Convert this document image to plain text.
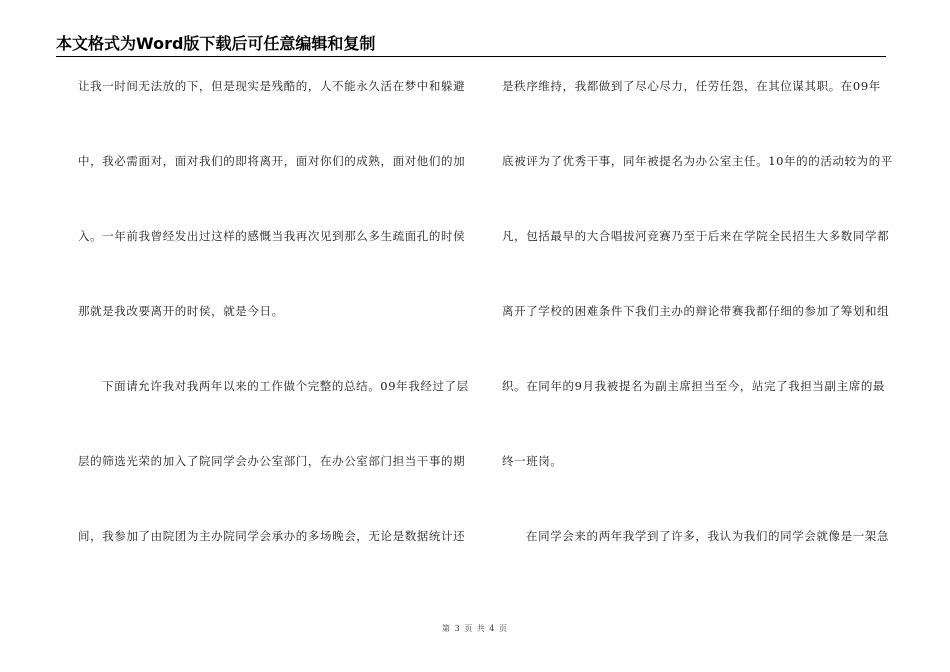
本文格式为Word版下载后可任意编辑和复制
让我一时间无法放的下，但是现实是残酷的，人不能永久活在梦中和躲避
中，我必需面对，面对我们的即将离开，面对你们的成熟，面对他们的加
入。一年前我曾经发出过这样的感慨当我再次见到那么多生疏面孔的时侯
那就是我改要离开的时侯，就是今日。
下面请允许我对我两年以来的工作做个完整的总结。09年我经过了层
层的筛选光荣的加入了院同学会办公室部门，在办公室部门担当干事的期
间，我参加了由院团为主办院同学会承办的多场晚会，无论是数据统计还
是秩序维持，我都做到了尽心尽力，任劳任怨，在其位谋其职。在09年
底被评为了优秀干事，同年被提名为办公室主任。10年的的活动较为的平
凡，包括最早的大合唱拔河竞赛乃至于后来在学院全民招生大多数同学都
离开了学校的困难条件下我们主办的辩论带赛我都仔细的参加了筹划和组
织。在同年的9月我被提名为副主席担当至今，站完了我担当副主席的最
终一班岗。
在同学会来的两年我学到了许多，我认为我们的同学会就像是一架急
第 3 页 共 4 页
